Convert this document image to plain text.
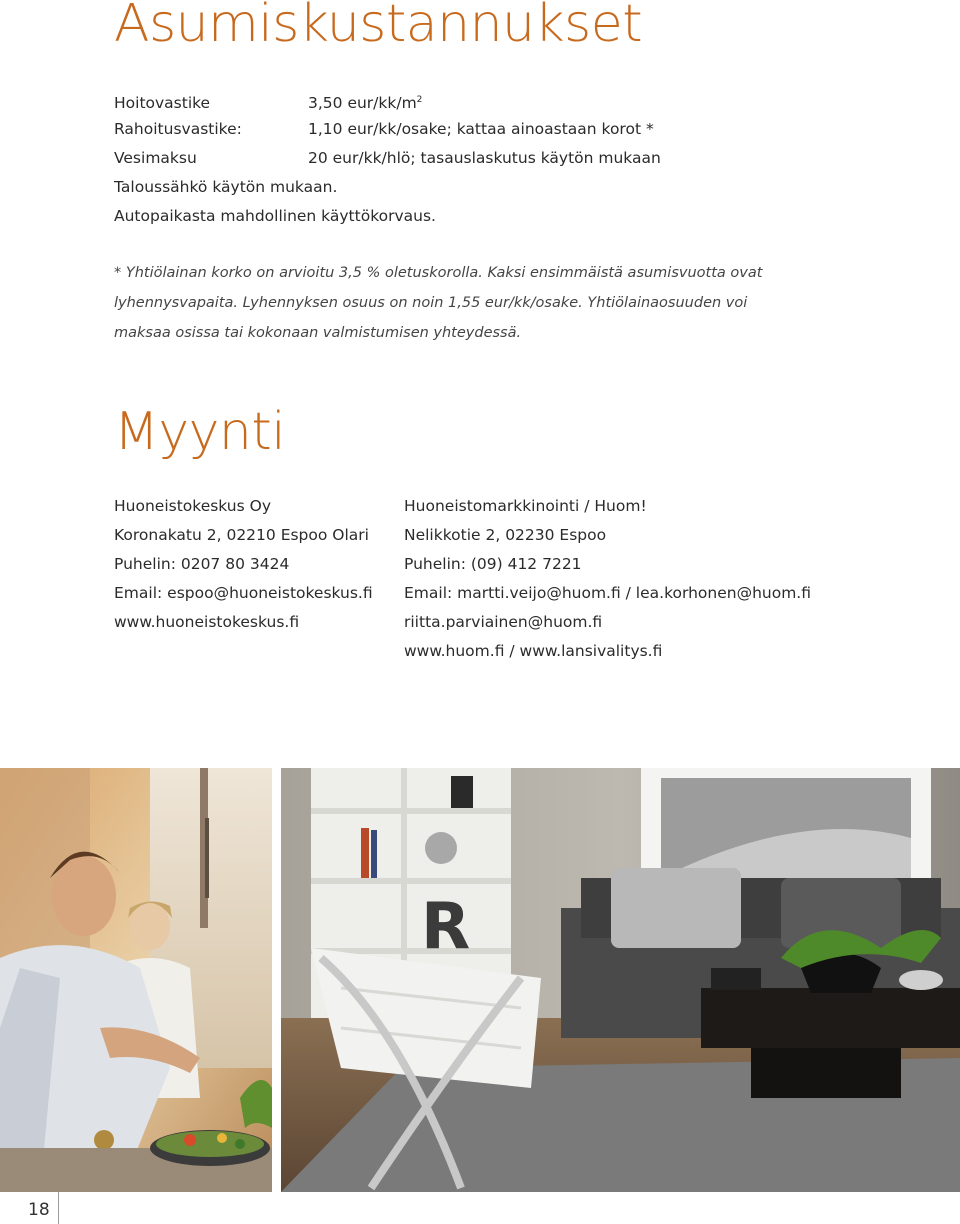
Asumiskustannukset
Hoitovastike	3,50 eur/$kk/m^2$
Rahoitusvastike:	1,10 eur/kk/osake; kattaa ainoastaan korot *
Vesimaksu	20 eur/kk/hlö; tasauslaskutus käytön mukaan
Taloussähkö käytön mukaan.
Autopaikasta mahdollinen käyttökorvaus.

* Yhtiölainan korko on arvioitu 3,5 % oletuskorolla. Kaksi ensimmäistä asumisvuotta ovat lyhennysvapaita. Lyhennyksen osuus on noin 1,55 eur/kk/osake. Yhtiölainaosuuden voi maksaa osissa tai kokonaan valmistumisen yhteydessä.

Myynti
Huoneistokeskus Oy
Koronakatu 2, 02210 Espoo Olari
Puhelin: 0207 80 3424
Email: espoo@huoneistokeskus.fi
www.huoneistokeskus.fi
Huoneistomarkkinointi / Huom!
Nelikkotie 2, 02230 Espoo
Puhelin: (09) 412 7221
Email: martti.veijo@huom.fi / lea.korhonen@huom.fi
riitta.parviainen@huom.fi
www.huom.fi / www.lansivalitys.fi
R
18
